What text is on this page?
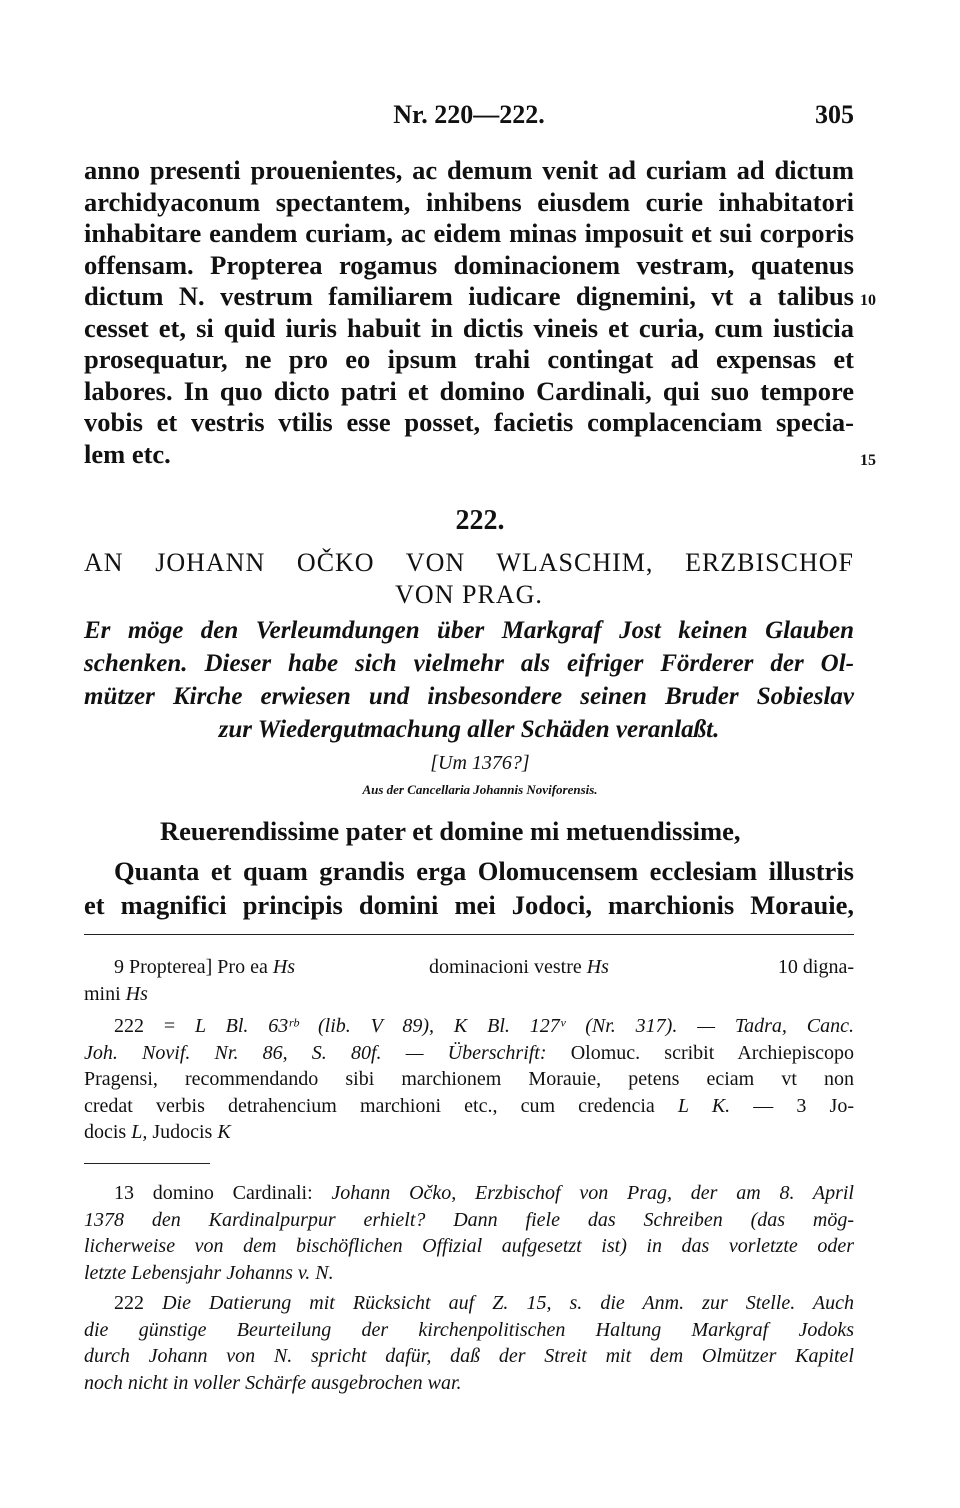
Nr. 220—222.	305
anno presenti prouenientes, ac demum venit ad curiam ad dictum
archidyaconum spectantem, inhibens eiusdem curie inhabitatori
inhabitare eandem curiam, ac eidem minas imposuit et sui corporis
offensam. Propterea rogamus dominacionem vestram, quatenus
dictum N. vestrum familiarem iudicare dignemini, vt a talibus 10
cesset et, si quid iuris habuit in dictis vineis et curia, cum iusticia
prosequatur, ne pro eo ipsum trahi contingat ad expensas et
labores. In quo dicto patri et domino Cardinali, qui suo tempore
vobis et vestris vtilis esse posset, facietis complacenciam specia-
lem etc.	15
222.
AN JOHANN OČKO VON WLASCHIM, ERZBISCHOF
VON PRAG.
Er möge den Verleumdungen über Markgraf Jost keinen Glauben
schenken. Dieser habe sich vielmehr als eifriger Förderer der Ol-
mützer Kirche erwiesen und insbesondere seinen Bruder Sobieslav
zur Wiedergutmachung aller Schäden veranlaßt.
[Um 1376?]
Aus der Cancellaria Johannis Noviforensis.
Reuerendissime pater et domine mi metuendissime,
Quanta et quam grandis erga Olomucensem ecclesiam illustris
et magnifici principis domini mei Jodoci, marchionis Morauie,
9 Propterea] Pro ea Hs	dominacioni vestre Hs	10 digna-
mini Hs
222 = L Bl. 63ʳᵇ (lib. V 89), K Bl. 127ᵛ (Nr. 317). — Tadra, Canc.
Joh. Novif. Nr. 86, S. 80f. — Überschrift: Olomuc. scribit Archiepiscopo
Pragensi, recommendando sibi marchionem Morauie, petens eciam vt non
credat verbis detrahencium marchioni etc., cum credencia L K. — 3 Jo-
docis L, Judocis K
13 domino Cardinali: Johann Očko, Erzbischof von Prag, der am 8. April
1378 den Kardinalpurpur erhielt? Dann fiele das Schreiben (das mög-
licherweise von dem bischöflichen Offizial aufgesetzt ist) in das vorletzte oder
letzte Lebensjahr Johanns v. N.
222 Die Datierung mit Rücksicht auf Z. 15, s. die Anm. zur Stelle. Auch
die günstige Beurteilung der kirchenpolitischen Haltung Markgraf Jodoks
durch Johann von N. spricht dafür, daß der Streit mit dem Olmützer Kapitel
noch nicht in voller Schärfe ausgebrochen war.
